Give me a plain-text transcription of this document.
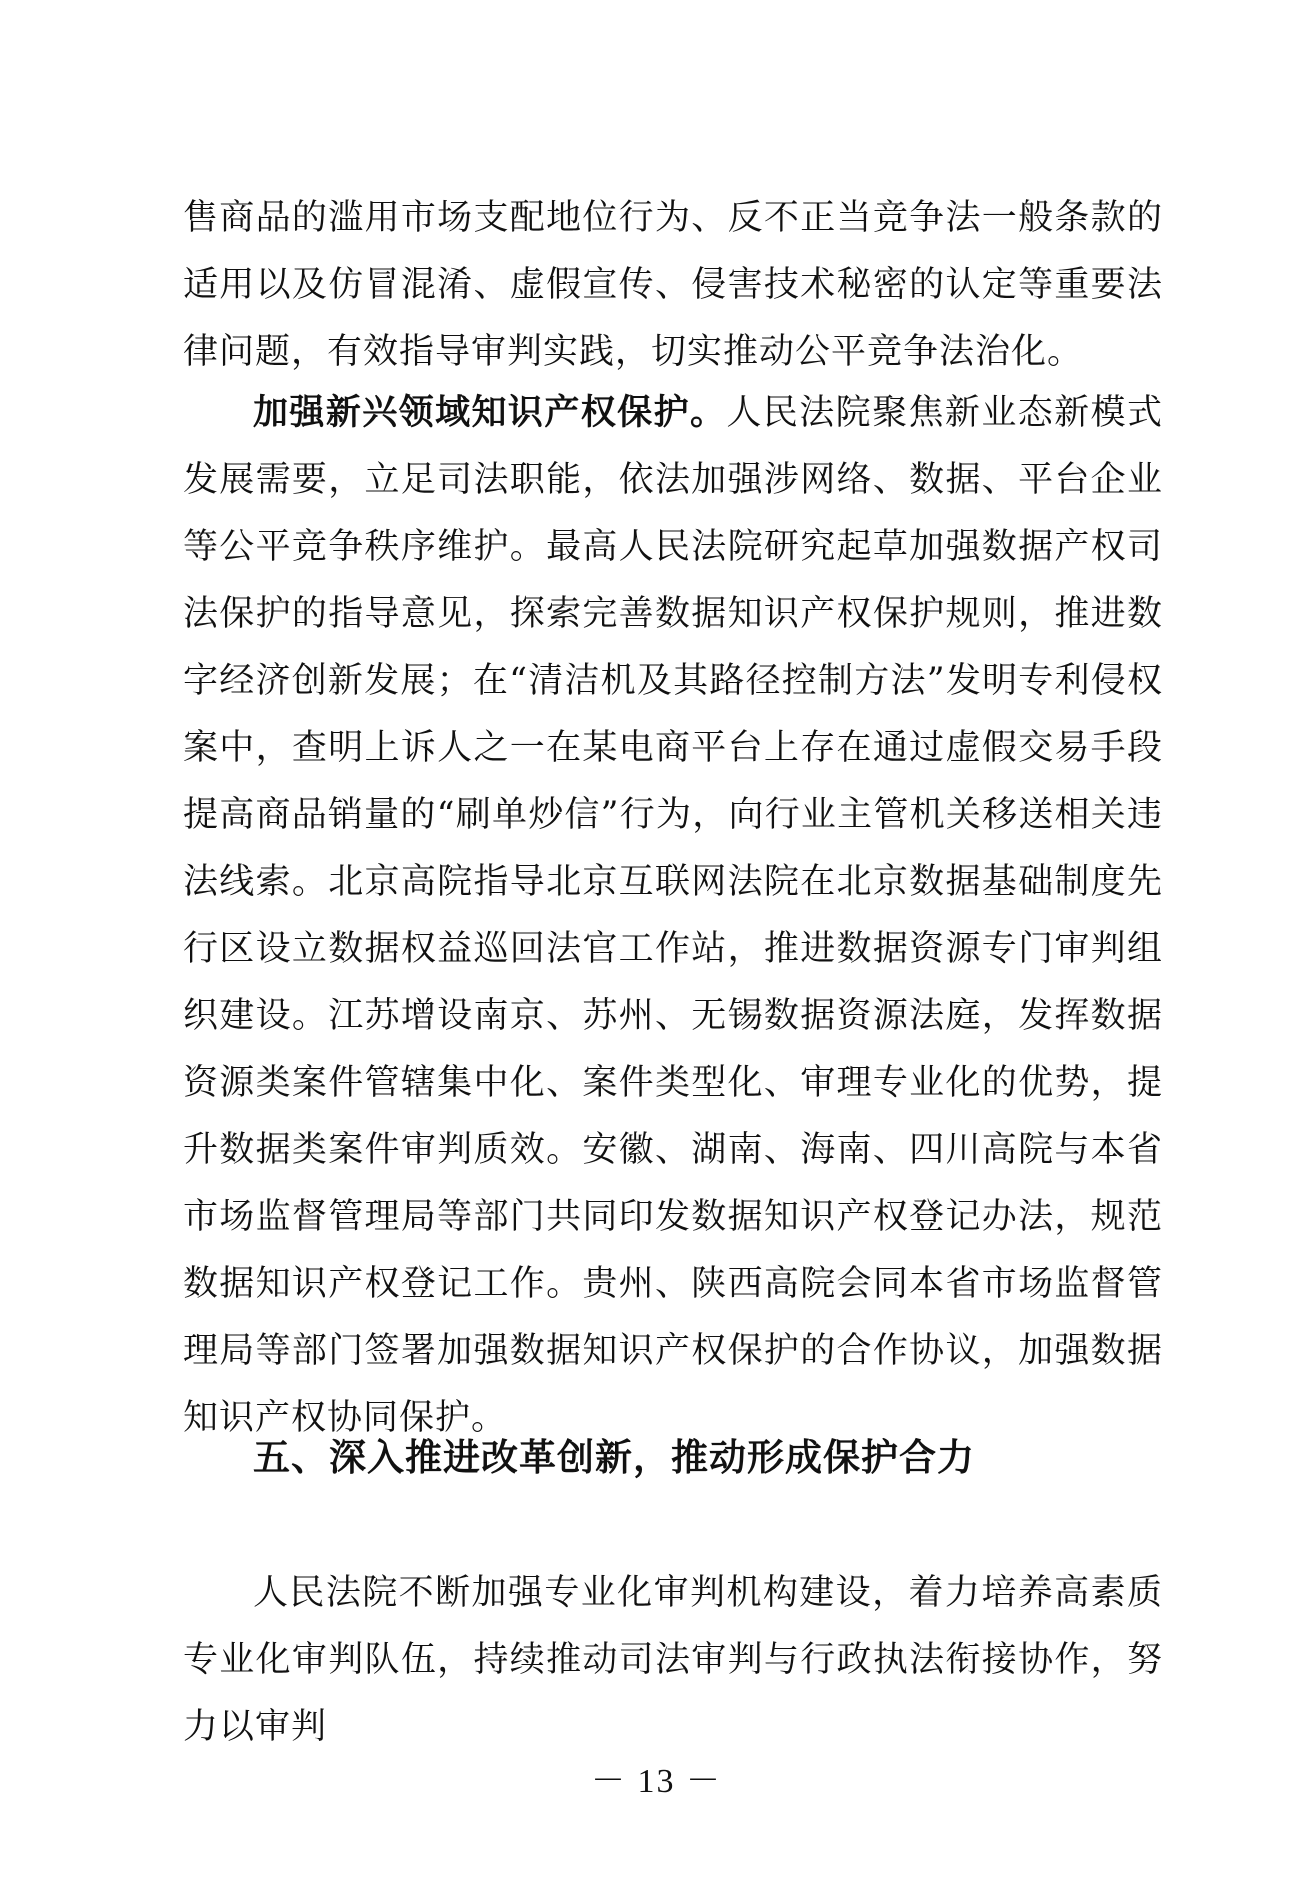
售商品的滥用市场支配地位行为、反不正当竞争法一般条款的适用以及仿冒混淆、虚假宣传、侵害技术秘密的认定等重要法律问题，有效指导审判实践，切实推动公平竞争法治化。

加强新兴领域知识产权保护。人民法院聚焦新业态新模式发展需要，立足司法职能，依法加强涉网络、数据、平台企业等公平竞争秩序维护。最高人民法院研究起草加强数据产权司法保护的指导意见，探索完善数据知识产权保护规则，推进数字经济创新发展；在“清洁机及其路径控制方法”发明专利侵权案中，查明上诉人之一在某电商平台上存在通过虚假交易手段提高商品销量的“刷单炒信”行为，向行业主管机关移送相关违法线索。北京高院指导北京互联网法院在北京数据基础制度先行区设立数据权益巡回法官工作站，推进数据资源专门审判组织建设。江苏增设南京、苏州、无锡数据资源法庭，发挥数据资源类案件管辖集中化、案件类型化、审理专业化的优势，提升数据类案件审判质效。安徽、湖南、海南、四川高院与本省市场监督管理局等部门共同印发数据知识产权登记办法，规范数据知识产权登记工作。贵州、陕西高院会同本省市场监督管理局等部门签署加强数据知识产权保护的合作协议，加强数据知识产权协同保护。

五、深入推进改革创新，推动形成保护合力

人民法院不断加强专业化审判机构建设，着力培养高素质专业化审判队伍，持续推动司法审判与行政执法衔接协作，努力以审判

－ 13 －
